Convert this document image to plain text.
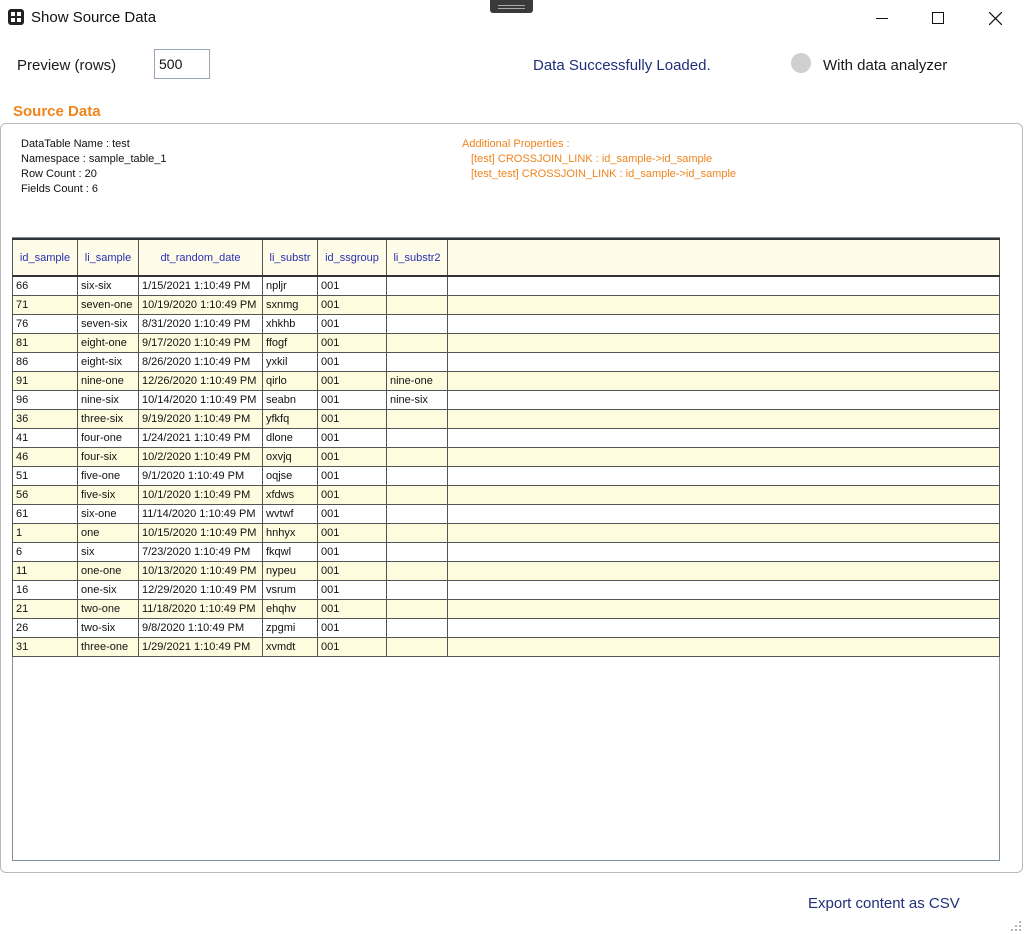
Show Source Data
Preview (rows)
500	Data Successfully Loaded.	With data analyzer
Source Data
DataTable Name : test
Namespace : sample_table_1
Row Count : 20
Fields Count : 6
Additional Properties :
[test] CROSSJOIN_LINK : id_sample->id_sample
[test_test] CROSSJOIN_LINK : id_sample->id_sample
id_sample	li_sample	dt_random_date	li_substr	id_ssgroup	li_substr2	
66	six-six	1/15/2021 1:10:49 PM	npljr	001		
71	seven-one	10/19/2020 1:10:49 PM	sxnmg	001		
76	seven-six	8/31/2020 1:10:49 PM	xhkhb	001		
81	eight-one	9/17/2020 1:10:49 PM	ffogf	001		
86	eight-six	8/26/2020 1:10:49 PM	yxkil	001		
91	nine-one	12/26/2020 1:10:49 PM	qirlo	001	nine-one	
96	nine-six	10/14/2020 1:10:49 PM	seabn	001	nine-six	
36	three-six	9/19/2020 1:10:49 PM	yfkfq	001		
41	four-one	1/24/2021 1:10:49 PM	dlone	001		
46	four-six	10/2/2020 1:10:49 PM	oxvjq	001		
51	five-one	9/1/2020 1:10:49 PM	oqjse	001		
56	five-six	10/1/2020 1:10:49 PM	xfdws	001		
61	six-one	11/14/2020 1:10:49 PM	wvtwf	001		
1	one	10/15/2020 1:10:49 PM	hnhyx	001		
6	six	7/23/2020 1:10:49 PM	fkqwl	001		
11	one-one	10/13/2020 1:10:49 PM	nypeu	001		
16	one-six	12/29/2020 1:10:49 PM	vsrum	001		
21	two-one	11/18/2020 1:10:49 PM	ehqhv	001		
26	two-six	9/8/2020 1:10:49 PM	zpgmi	001		
31	three-one	1/29/2021 1:10:49 PM	xvmdt	001		
Export content as CSV
